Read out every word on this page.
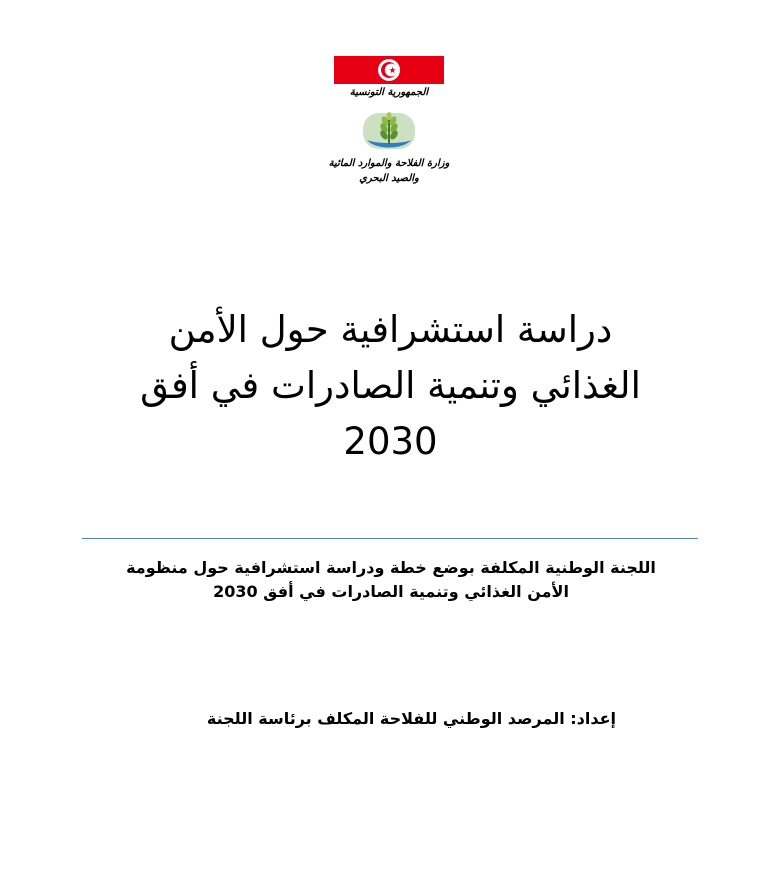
الجمهورية التونسية
وزارة الفلاحة والموارد المائية
والصيد البحري
دراسة استشرافية حول الأمن
الغذائي وتنمية الصادرات في أفق
2030
اللجنة الوطنية المكلفة بوضع خطة ودراسة استشرافية حول منظومة
الأمن الغذائي وتنمية الصادرات في أفق 2030
إعداد: المرصد الوطني للفلاحة المكلف برئاسة اللجنة
